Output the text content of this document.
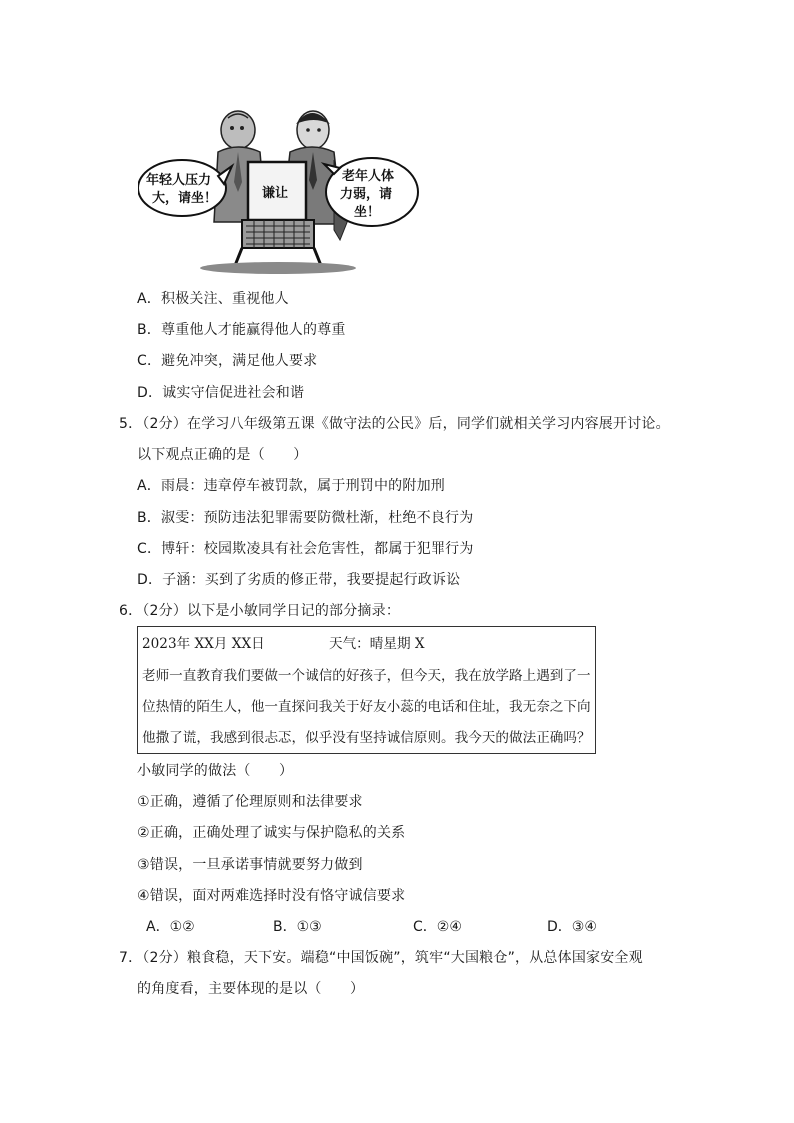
谦让
年轻人压力
大，请坐！
老年人体
力弱，请
坐！
A．积极关注、重视他人
B．尊重他人才能赢得他人的尊重
C．避免冲突，满足他人要求
D．诚实守信促进社会和谐
5．（2分）在学习八年级第五课《做守法的公民》后，同学们就相关学习内容展开讨论。
以下观点正确的是（　　）
A．雨晨：违章停车被罚款，属于刑罚中的附加刑
B．淑雯：预防违法犯罪需要防微杜渐，杜绝不良行为
C．博轩：校园欺凌具有社会危害性，都属于犯罪行为
D．子涵：买到了劣质的修正带，我要提起行政诉讼
6．（2分）以下是小敏同学日记的部分摘录：
2023年 XX月 XX日	天气：晴星期 X
老师一直教育我们要做一个诚信的好孩子，但今天，我在放学路上遇到了一
位热情的陌生人，他一直探问我关于好友小蕊的电话和住址，我无奈之下向
他撒了谎，我感到很忐忑，似乎没有坚持诚信原则。我今天的做法正确吗？
小敏同学的做法（　　）
①正确，遵循了伦理原则和法律要求
②正确，正确处理了诚实与保护隐私的关系
③错误，一旦承诺事情就要努力做到
④错误，面对两难选择时没有恪守诚信要求
A．①②	B．①③	C．②④	D．③④
7．（2分）粮食稳，天下安。端稳“中国饭碗”，筑牢“大国粮仓”，从总体国家安全观
的角度看，主要体现的是以（　　）
